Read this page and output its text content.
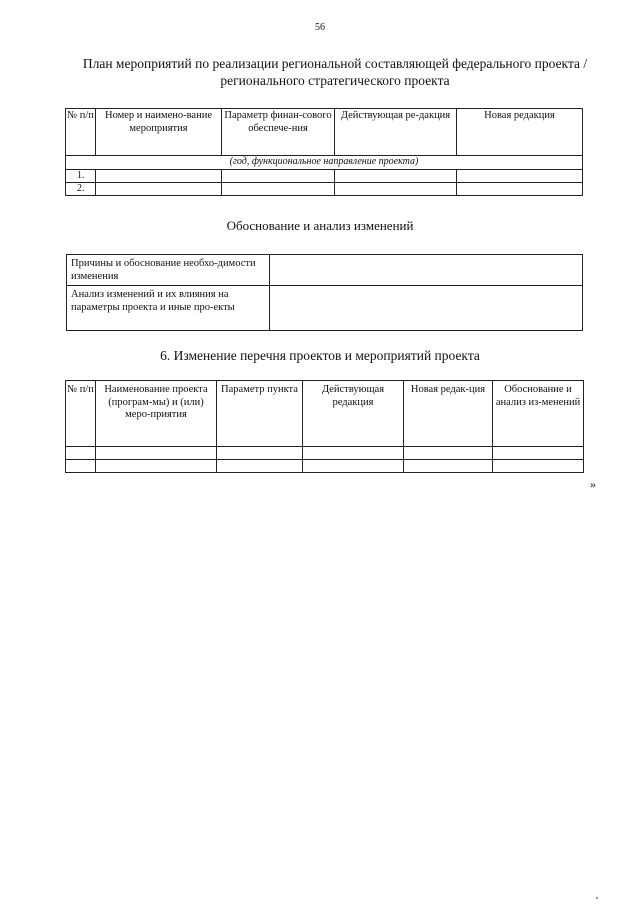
56
План мероприятий по реализации региональной составляющей федерального проекта / регионального стратегического проекта
№ п/п	Номер и наимено-вание мероприятия	Параметр финан-сового обеспече-ния	Действующая ре-дакция	Новая редакция
(год, функциональное направление проекта)				
1.				
2.				
Обоснование и анализ изменений
Причины и обоснование необхо-димости изменения	
Анализ изменений и их влияния на параметры проекта и иные про-екты	
6. Изменение перечня проектов и мероприятий проекта
№ п/п	Наименование проекта (програм-мы) и (или) меро-приятия	Параметр пункта	Действующая редакция	Новая редак-ция	Обоснование и анализ из-менений

»
